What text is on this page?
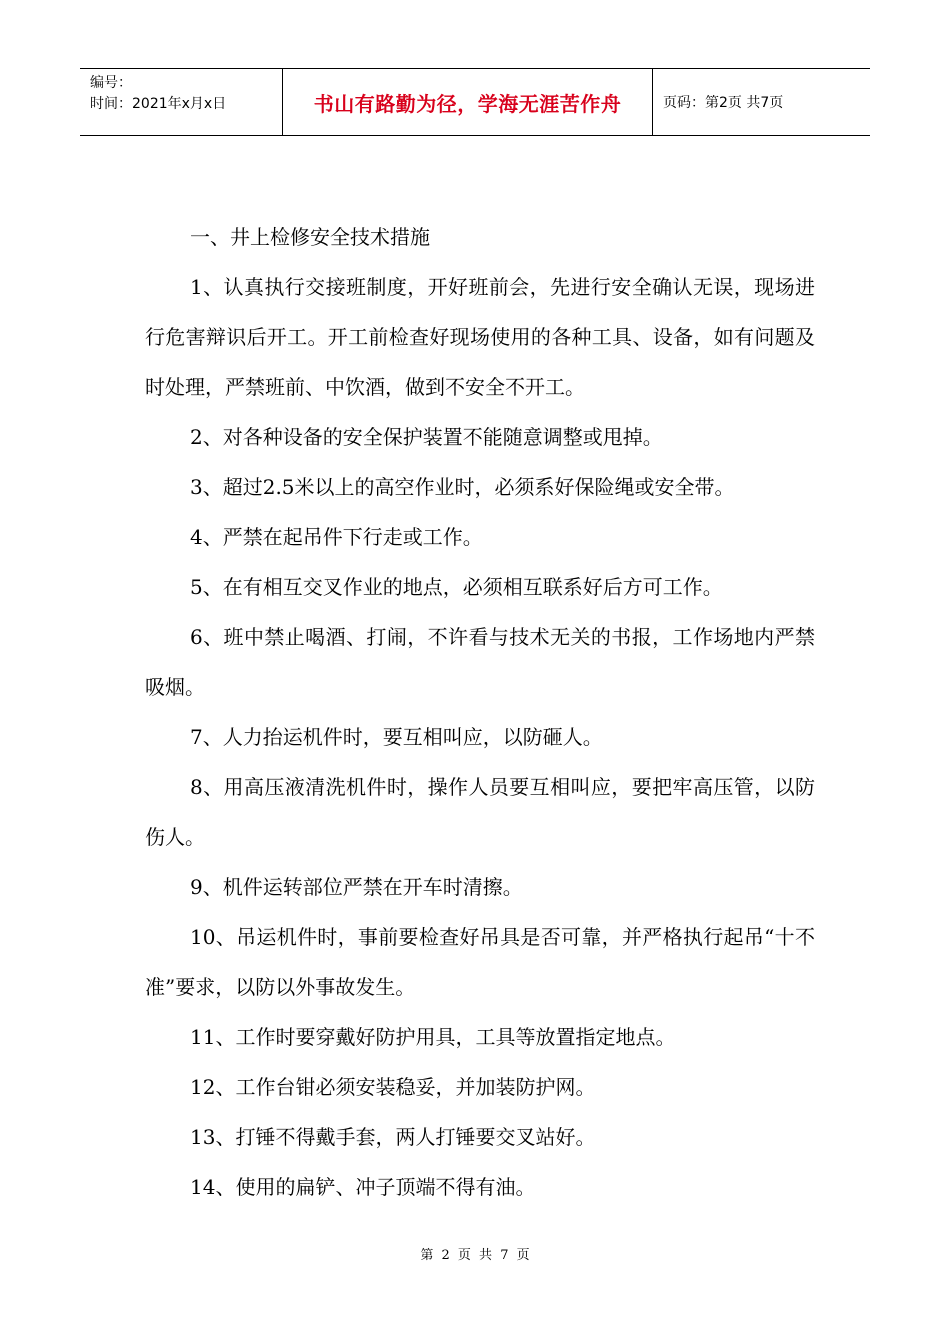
编号：
时间：2021年x月x日	书山有路勤为径，学海无涯苦作舟	页码：第2页 共7页

一、井上检修安全技术措施

1、认真执行交接班制度，开好班前会，先进行安全确认无误，现场进行危害辩识后开工。开工前检查好现场使用的各种工具、设备，如有问题及时处理，严禁班前、中饮酒，做到不安全不开工。

2、对各种设备的安全保护装置不能随意调整或甩掉。

3、超过2.5米以上的高空作业时，必须系好保险绳或安全带。

4、严禁在起吊件下行走或工作。

5、在有相互交叉作业的地点，必须相互联系好后方可工作。

6、班中禁止喝酒、打闹，不许看与技术无关的书报，工作场地内严禁吸烟。

7、人力抬运机件时，要互相叫应，以防砸人。

8、用高压液清洗机件时，操作人员要互相叫应，要把牢高压管，以防伤人。

9、机件运转部位严禁在开车时清擦。

10、吊运机件时，事前要检查好吊具是否可靠，并严格执行起吊“十不准”要求，以防以外事故发生。

11、工作时要穿戴好防护用具，工具等放置指定地点。

12、工作台钳必须安装稳妥，并加装防护网。

13、打锤不得戴手套，两人打锤要交叉站好。

14、使用的扁铲、冲子顶端不得有油。

第 2 页 共 7 页
